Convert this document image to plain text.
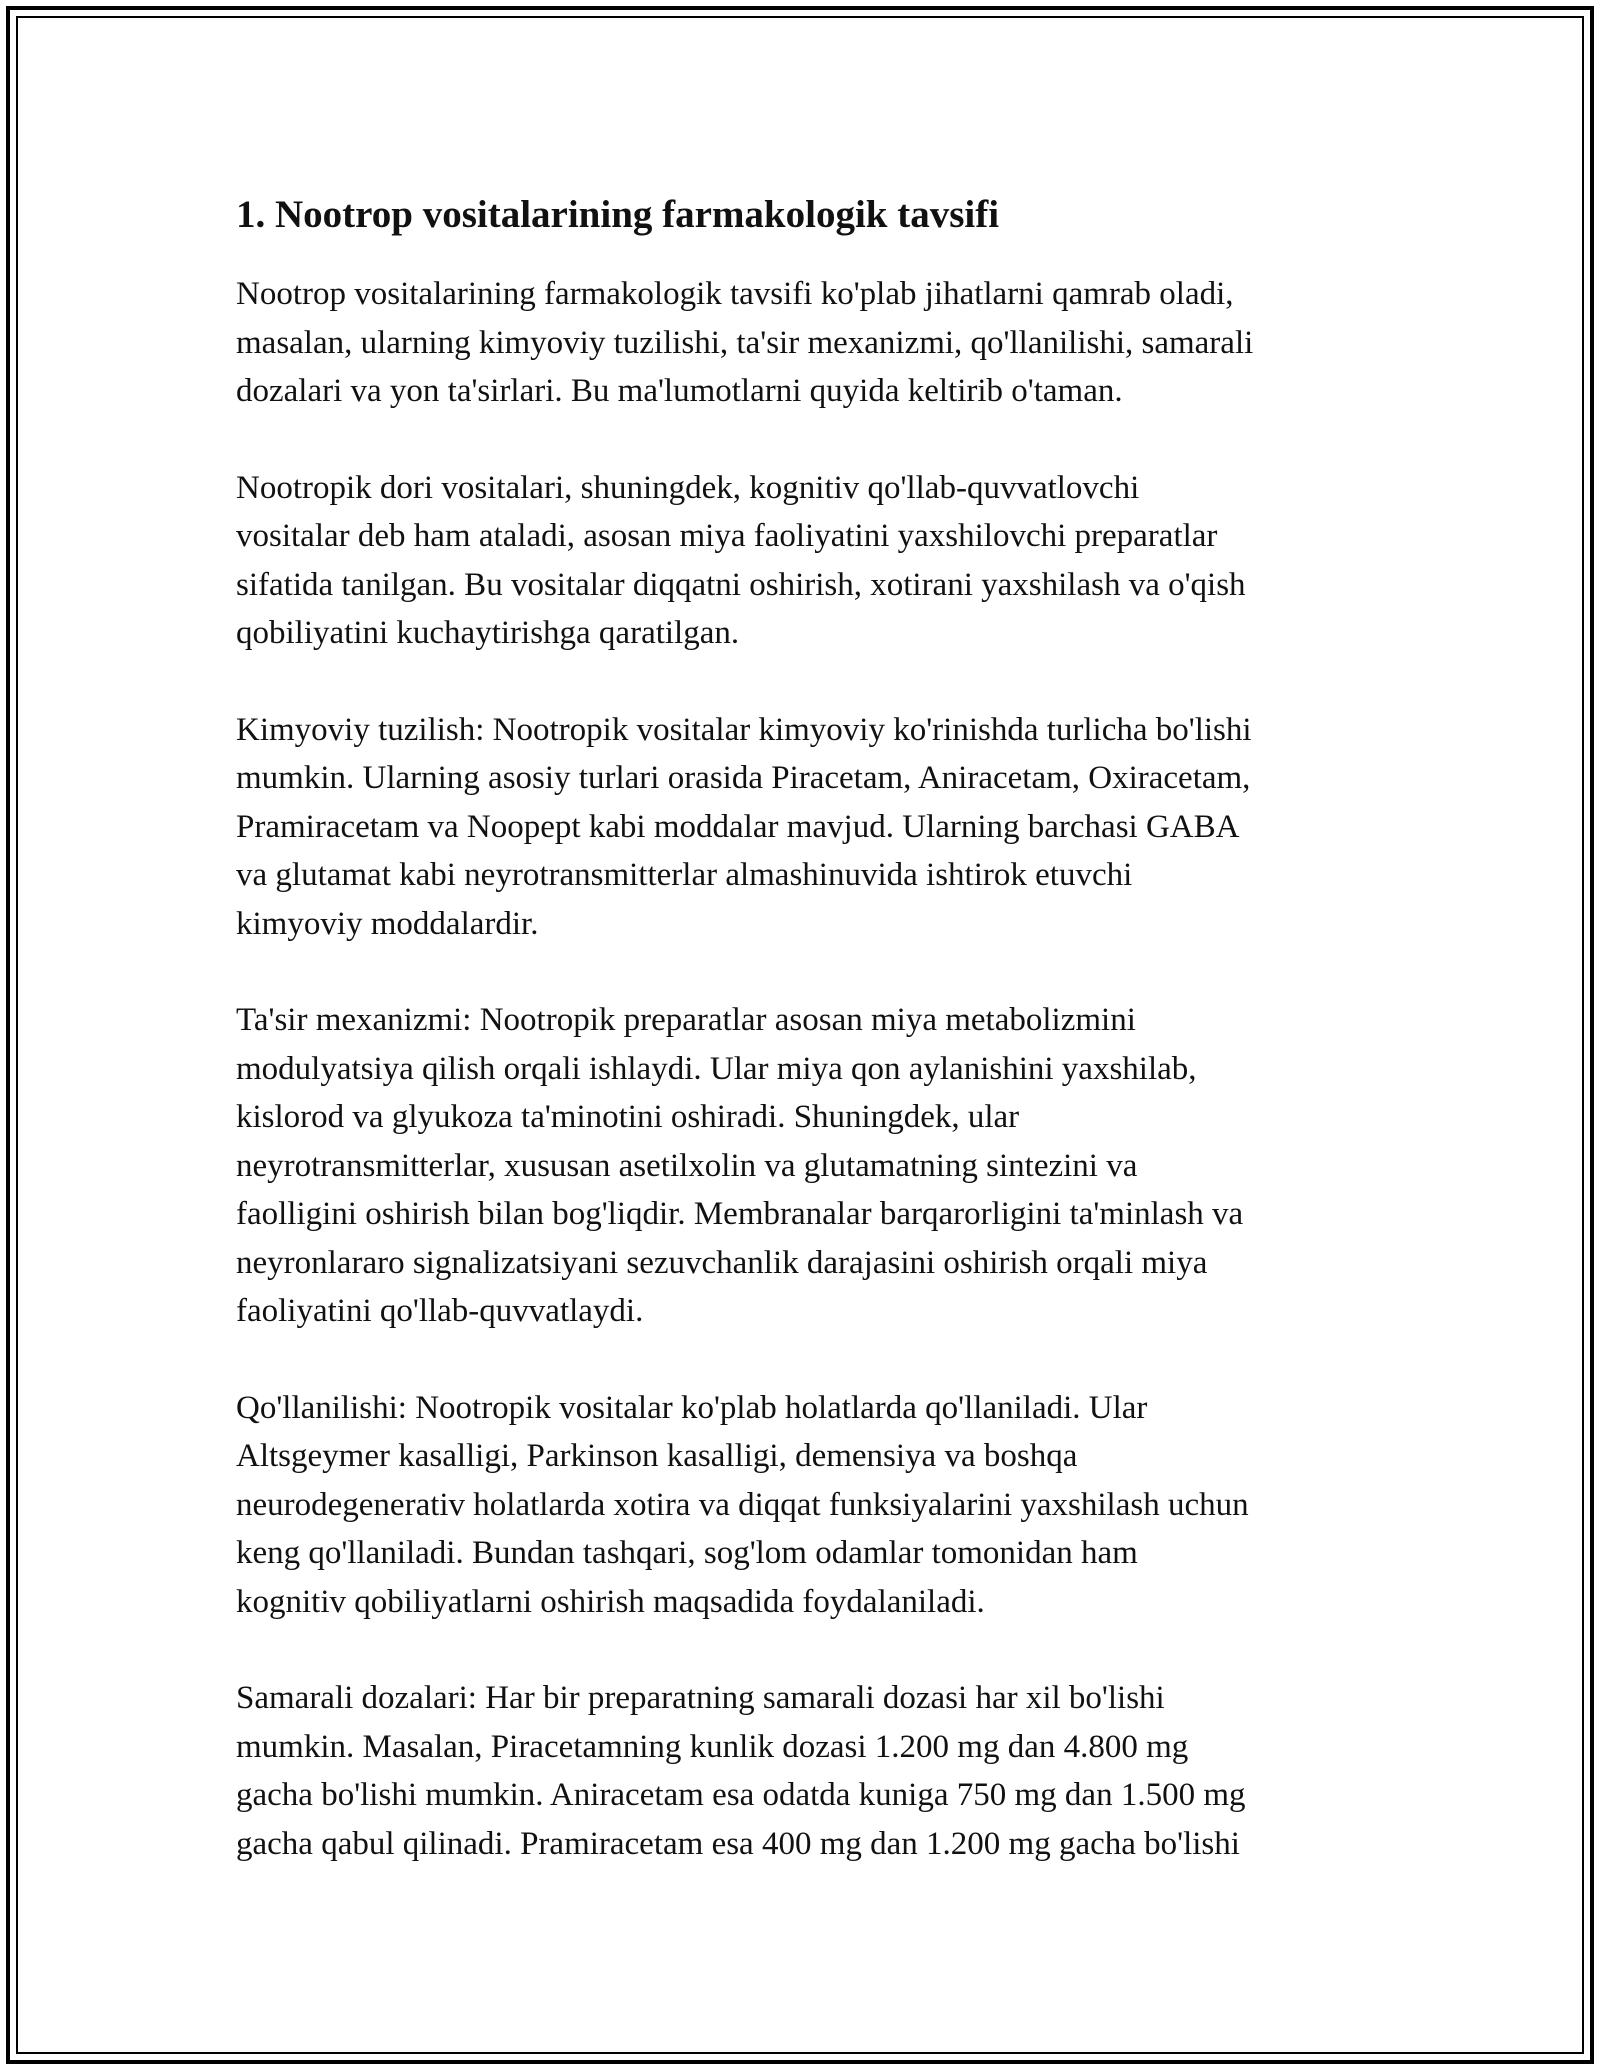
1. Nootrop vositalarining farmakologik tavsifi

Nootrop vositalarining farmakologik tavsifi ko'plab jihatlarni qamrab oladi,
masalan, ularning kimyoviy tuzilishi, ta'sir mexanizmi, qo'llanilishi, samarali
dozalari va yon ta'sirlari. Bu ma'lumotlarni quyida keltirib o'taman.

Nootropik dori vositalari, shuningdek, kognitiv qo'llab-quvvatlovchi
vositalar deb ham ataladi, asosan miya faoliyatini yaxshilovchi preparatlar
sifatida tanilgan. Bu vositalar diqqatni oshirish, xotirani yaxshilash va o'qish
qobiliyatini kuchaytirishga qaratilgan.

Kimyoviy tuzilish: Nootropik vositalar kimyoviy ko'rinishda turlicha bo'lishi
mumkin. Ularning asosiy turlari orasida Piracetam, Aniracetam, Oxiracetam,
Pramiracetam va Noopept kabi moddalar mavjud. Ularning barchasi GABA
va glutamat kabi neyrotransmitterlar almashinuvida ishtirok etuvchi
kimyoviy moddalardir.

Ta'sir mexanizmi: Nootropik preparatlar asosan miya metabolizmini
modulyatsiya qilish orqali ishlaydi. Ular miya qon aylanishini yaxshilab,
kislorod va glyukoza ta'minotini oshiradi. Shuningdek, ular
neyrotransmitterlar, xususan asetilxolin va glutamatning sintezini va
faolligini oshirish bilan bog'liqdir. Membranalar barqarorligini ta'minlash va
neyronlararo signalizatsiyani sezuvchanlik darajasini oshirish orqali miya
faoliyatini qo'llab-quvvatlaydi.

Qo'llanilishi: Nootropik vositalar ko'plab holatlarda qo'llaniladi. Ular
Altsgeymer kasalligi, Parkinson kasalligi, demensiya va boshqa
neurodegenerativ holatlarda xotira va diqqat funksiyalarini yaxshilash uchun
keng qo'llaniladi. Bundan tashqari, sog'lom odamlar tomonidan ham
kognitiv qobiliyatlarni oshirish maqsadida foydalaniladi.

Samarali dozalari: Har bir preparatning samarali dozasi har xil bo'lishi
mumkin. Masalan, Piracetamning kunlik dozasi 1.200 mg dan 4.800 mg
gacha bo'lishi mumkin. Aniracetam esa odatda kuniga 750 mg dan 1.500 mg
gacha qabul qilinadi. Pramiracetam esa 400 mg dan 1.200 mg gacha bo'lishi
